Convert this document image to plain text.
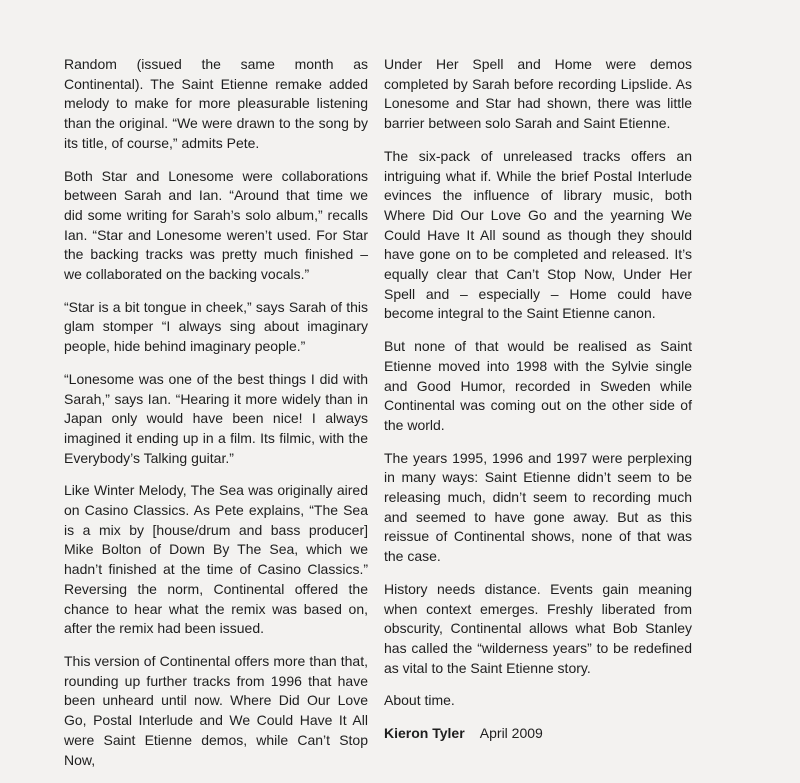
Random (issued the same month as Continental). The Saint Etienne remake added melody to make for more pleasurable listening than the original. “We were drawn to the song by its title, of course,” admits Pete.

Both Star and Lonesome were collaborations between Sarah and Ian. “Around that time we did some writing for Sarah’s solo album,” recalls Ian. “Star and Lonesome weren’t used. For Star the backing tracks was pretty much finished – we collaborated on the backing vocals.”

“Star is a bit tongue in cheek,” says Sarah of this glam stomper “I always sing about imaginary people, hide behind imaginary people.”

“Lonesome was one of the best things I did with Sarah,” says Ian. “Hearing it more widely than in Japan only would have been nice! I always imagined it ending up in a film. Its filmic, with the Everybody’s Talking guitar.”

Like Winter Melody, The Sea was originally aired on Casino Classics. As Pete explains, “The Sea is a mix by [house/drum and bass producer] Mike Bolton of Down By The Sea, which we hadn’t finished at the time of Casino Classics.” Reversing the norm, Continental offered the chance to hear what the remix was based on, after the remix had been issued.

This version of Continental offers more than that, rounding up further tracks from 1996 that have been unheard until now. Where Did Our Love Go, Postal Interlude and We Could Have It All were Saint Etienne demos, while Can’t Stop Now,

Under Her Spell and Home were demos completed by Sarah before recording Lipslide. As Lonesome and Star had shown, there was little barrier between solo Sarah and Saint Etienne.

The six-pack of unreleased tracks offers an intriguing what if. While the brief Postal Interlude evinces the influence of library music, both Where Did Our Love Go and the yearning We Could Have It All sound as though they should have gone on to be completed and released. It’s equally clear that Can’t Stop Now, Under Her Spell and – especially – Home could have become integral to the Saint Etienne canon.

But none of that would be realised as Saint Etienne moved into 1998 with the Sylvie single and Good Humor, recorded in Sweden while Continental was coming out on the other side of the world.

The years 1995, 1996 and 1997 were perplexing in many ways: Saint Etienne didn’t seem to be releasing much, didn’t seem to recording much and seemed to have gone away. But as this reissue of Continental shows, none of that was the case.

History needs distance. Events gain meaning when context emerges. Freshly liberated from obscurity, Continental allows what Bob Stanley has called the “wilderness years” to be redefined as vital to the Saint Etienne story.

About time.

Kieron Tyler April 2009
